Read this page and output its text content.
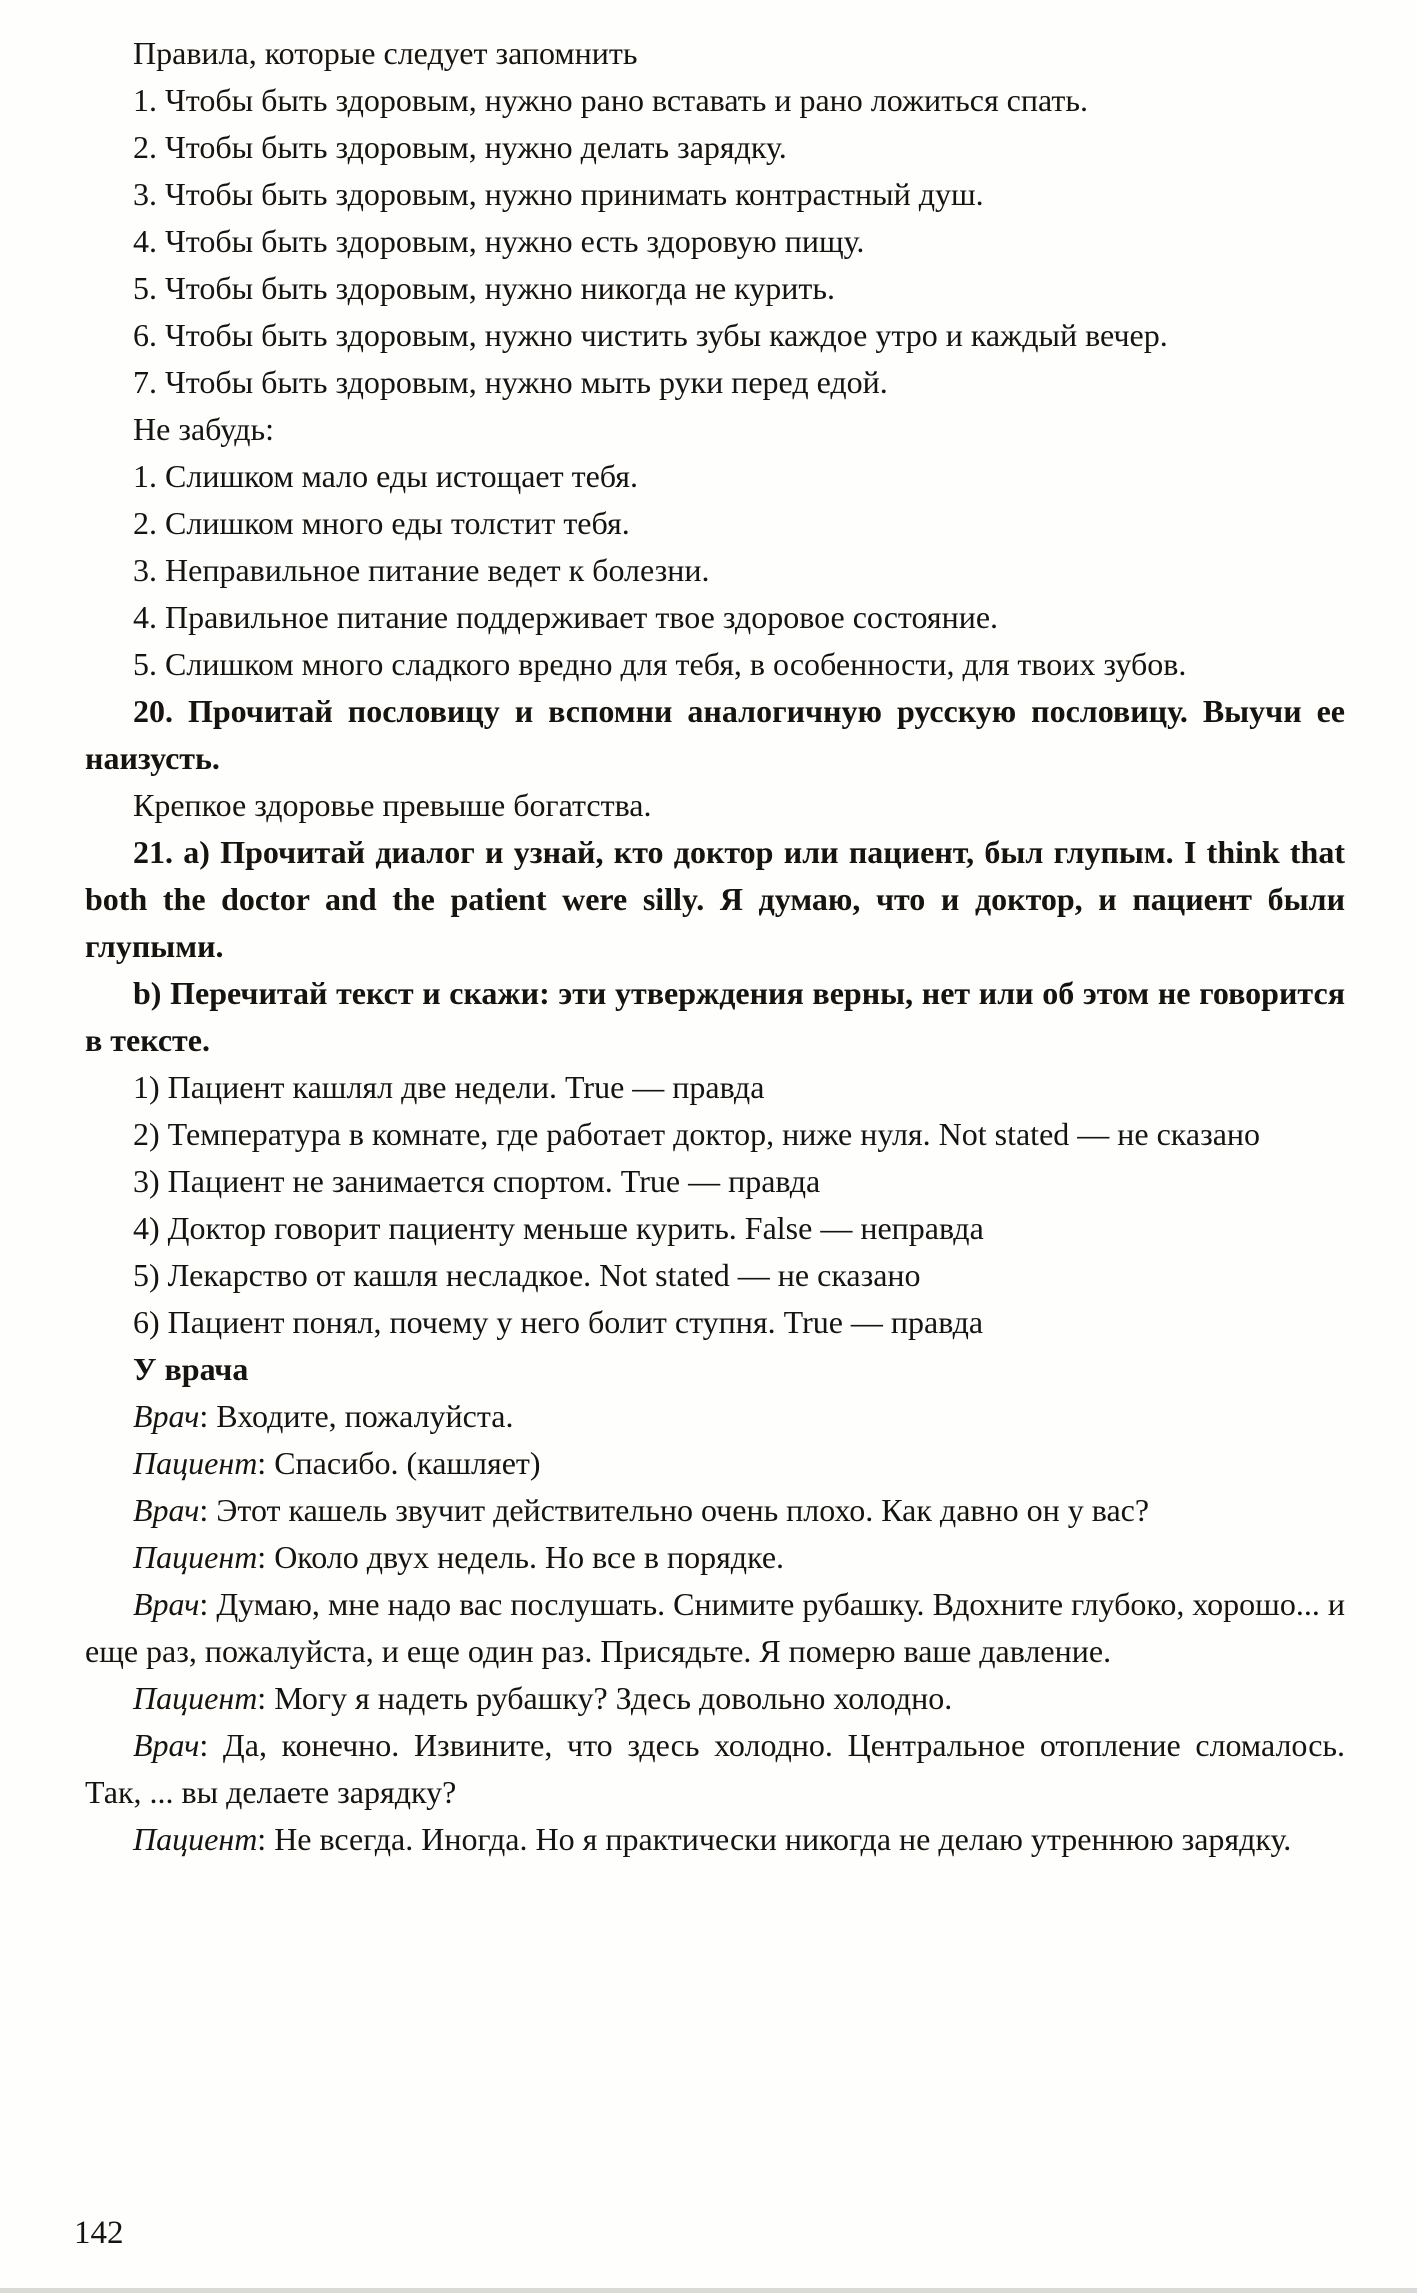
Правила, которые следует запомнить

1. Чтобы быть здоровым, нужно рано вставать и рано ложиться спать.

2. Чтобы быть здоровым, нужно делать зарядку.

3. Чтобы быть здоровым, нужно принимать контрастный душ.

4. Чтобы быть здоровым, нужно есть здоровую пищу.

5. Чтобы быть здоровым, нужно никогда не курить.

6. Чтобы быть здоровым, нужно чистить зубы каждое утро и каждый вечер.

7. Чтобы быть здоровым, нужно мыть руки перед едой.

Не забудь:

1. Слишком мало еды истощает тебя.

2. Слишком много еды толстит тебя.

3. Неправильное питание ведет к болезни.

4. Правильное питание поддерживает твое здоровое состояние.

5. Слишком много сладкого вредно для тебя, в особенности, для твоих зубов.

20. Прочитай пословицу и вспомни аналогичную русскую пословицу. Выучи ее наизусть.

Крепкое здоровье превыше богатства.

21. а) Прочитай диалог и узнай, кто доктор или пациент, был глупым. I think that both the doctor and the patient were silly. Я думаю, что и доктор, и пациент были глупыми.

b) Перечитай текст и скажи: эти утверждения верны, нет или об этом не говорится в тексте.

1) Пациент кашлял две недели. True — правда

2) Температура в комнате, где работает доктор, ниже нуля. Not stated — не сказано

3) Пациент не занимается спортом. True — правда

4) Доктор говорит пациенту меньше курить. False — неправда

5) Лекарство от кашля несладкое. Not stated — не сказано

6) Пациент понял, почему у него болит ступня. True — правда

У врача

Врач: Входите, пожалуйста.

Пациент: Спасибо. (кашляет)

Врач: Этот кашель звучит действительно очень плохо. Как давно он у вас?

Пациент: Около двух недель. Но все в порядке.

Врач: Думаю, мне надо вас послушать. Снимите рубашку. Вдохните глубоко, хорошо... и еще раз, пожалуйста, и еще один раз. Присядьте. Я померю ваше давление.

Пациент: Могу я надеть рубашку? Здесь довольно холодно.

Врач: Да, конечно. Извините, что здесь холодно. Центральное отопление сломалось. Так, ... вы делаете зарядку?

Пациент: Не всегда. Иногда. Но я практически никогда не делаю утреннюю зарядку.

142
